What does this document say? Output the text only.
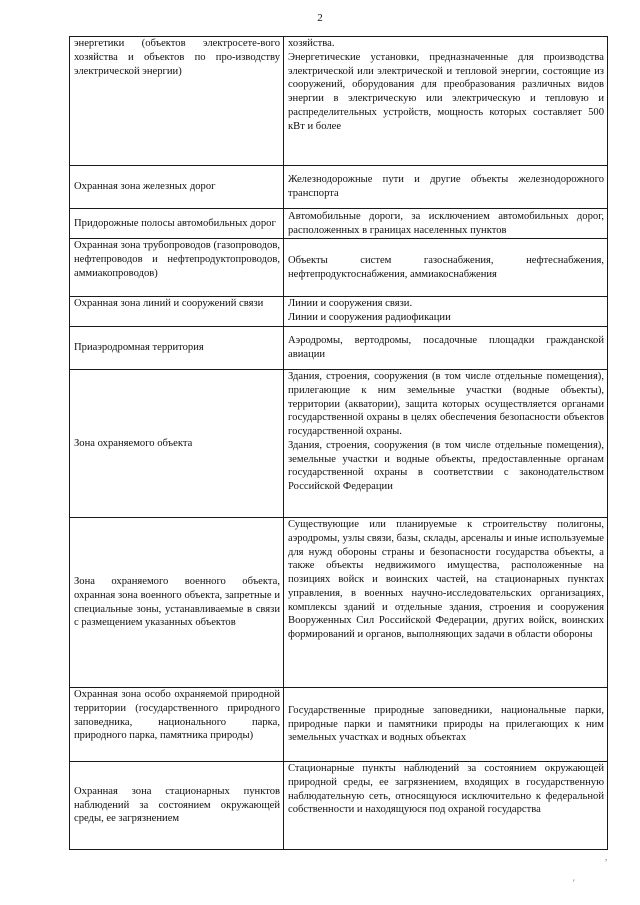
2
энергетики (объектов электросете-вого хозяйства и объектов по про-изводству электрической энергии)	хозяйства.
Энергетические установки, предназначенные для производства электрической или электрической и тепловой энергии, состоящие из сооружений, оборудования для преобразования различных видов энергии в электрическую или электрическую и тепловую и распределительных устройств, мощность которых составляет 500 кВт и более

Охранная зона железных дорог	Железнодорожные пути и другие объекты железнодорожного транспорта

Придорожные полосы автомобильных дорог	Автомобильные дороги, за исключением автомобильных дорог, расположенных в границах населенных пунктов

Охранная зона трубопроводов (газопроводов, нефтепроводов и нефтепродуктопроводов, аммиакопроводов)	Объекты систем газоснабжения, нефтеснабжения, нефтепродуктоснабжения, аммиакоснабжения

Охранная зона линий и сооружений связи	Линии и сооружения связи.
Линии и сооружения радиофикации

Приаэродромная территория	Аэродромы, вертодромы, посадочные площадки гражданской авиации

Зона охраняемого объекта	Здания, строения, сооружения (в том числе отдельные помещения), прилегающие к ним земельные участки (водные объекты), территории (акватории), защита которых осуществляется органами государственной охраны в целях обеспечения безопасности объектов государственной охраны.
Здания, строения, сооружения (в том числе отдельные помещения), земельные участки и водные объекты, предоставленные органам государственной охраны в соответствии с законодательством Российской Федерации

Зона охраняемого военного объекта, охранная зона военного объекта, запретные и специальные зоны, устанавливаемые в связи с размещением указанных объектов	Существующие или планируемые к строительству полигоны, аэродромы, узлы связи, базы, склады, арсеналы и иные используемые для нужд обороны страны и безопасности государства объекты, а также объекты недвижимого имущества, расположенные на позициях войск и воинских частей, на стационарных пунктах управления, в военных научно-исследовательских организациях, комплексы зданий и отдельные здания, строения и сооружения Вооруженных Сил Российской Федерации, других войск, воинских формирований и органов, выполняющих задачи в области обороны

Охранная зона особо охраняемой природной территории (государственного природного заповедника, национального парка, природного парка, памятника природы)	Государственные природные заповедники, национальные парки, природные парки и памятники природы на прилегающих к ним земельных участках и водных объектах

Охранная зона стационарных пунктов наблюдений за состоянием окружающей среды, ее загрязнением	Стационарные пункты наблюдений за состоянием окружающей природной среды, ее загрязнением, входящих в государственную наблюдательную сеть, относящуюся исключительно к федеральной собственности и находящуюся под охраной государства
,
'
